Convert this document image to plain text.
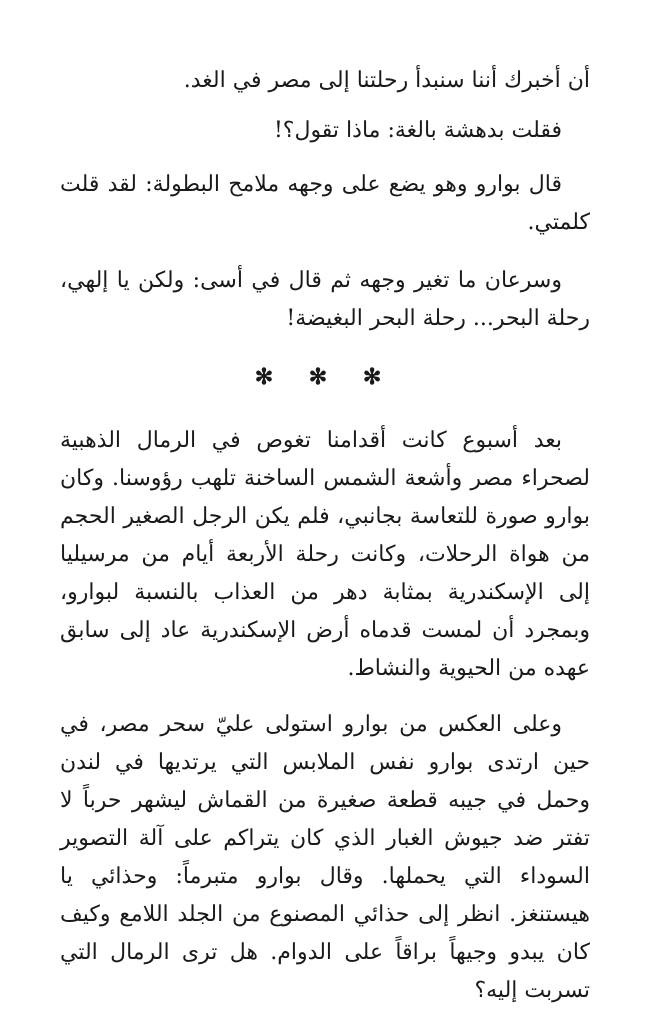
أن أخبرك أننا سنبدأ رحلتنا إلى مصر في الغد.

فقلت بدهشة بالغة: ماذا تقول؟!

قال بوارو وهو يضع على وجهه ملامح البطولة: لقد قلت كلمتي.

وسرعان ما تغير وجهه ثم قال في أسى: ولكن يا إلهي، رحلة البحر... رحلة البحر البغيضة!

✻ ✻ ✻

بعد أسبوع كانت أقدامنا تغوص في الرمال الذهبية لصحراء مصر وأشعة الشمس الساخنة تلهب رؤوسنا. وكان بوارو صورة للتعاسة بجانبي، فلم يكن الرجل الصغير الحجم من هواة الرحلات، وكانت رحلة الأربعة أيام من مرسيليا إلى الإسكندرية بمثابة دهر من العذاب بالنسبة لبوارو، وبمجرد أن لمست قدماه أرض الإسكندرية عاد إلى سابق عهده من الحيوية والنشاط.

وعلى العكس من بوارو استولى عليّ سحر مصر، في حين ارتدى بوارو نفس الملابس التي يرتديها في لندن وحمل في جيبه قطعة صغيرة من القماش ليشهر حرباً لا تفتر ضد جيوش الغبار الذي كان يتراكم على آلة التصوير السوداء التي يحملها. وقال بوارو متبرماً: وحذائي يا هيستنغز. انظر إلى حذائي المصنوع من الجلد اللامع وكيف كان يبدو وجيهاً براقاً على الدوام. هل ترى الرمال التي تسربت إليه؟
